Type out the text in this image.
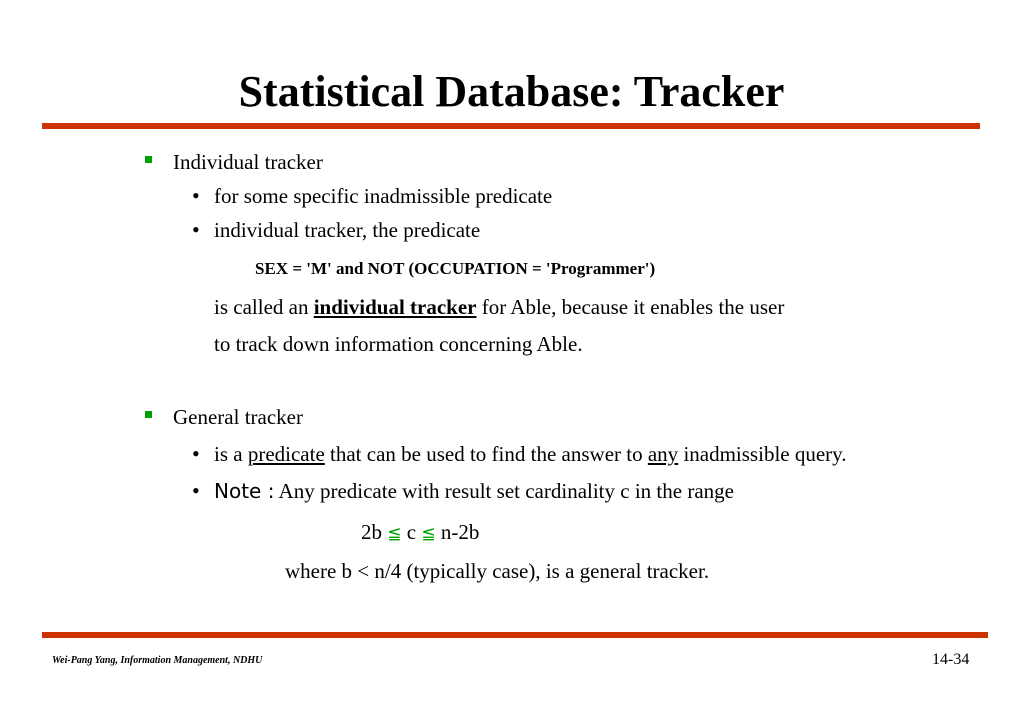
Statistical Database: Tracker
Individual tracker
• for some specific inadmissible predicate
• individual tracker, the predicate
SEX = 'M' and NOT (OCCUPATION = 'Programmer')
is called an individual tracker for Able, because it enables the user
to track down information concerning Able.
General tracker
• is a predicate that can be used to find the answer to any inadmissible query.
• Note : Any predicate with result set cardinality c in the range
2b ≦ c ≦ n-2b
where b < n/4 (typically case), is a general tracker.
Wei-Pang Yang, Information Management, NDHU	14-34
